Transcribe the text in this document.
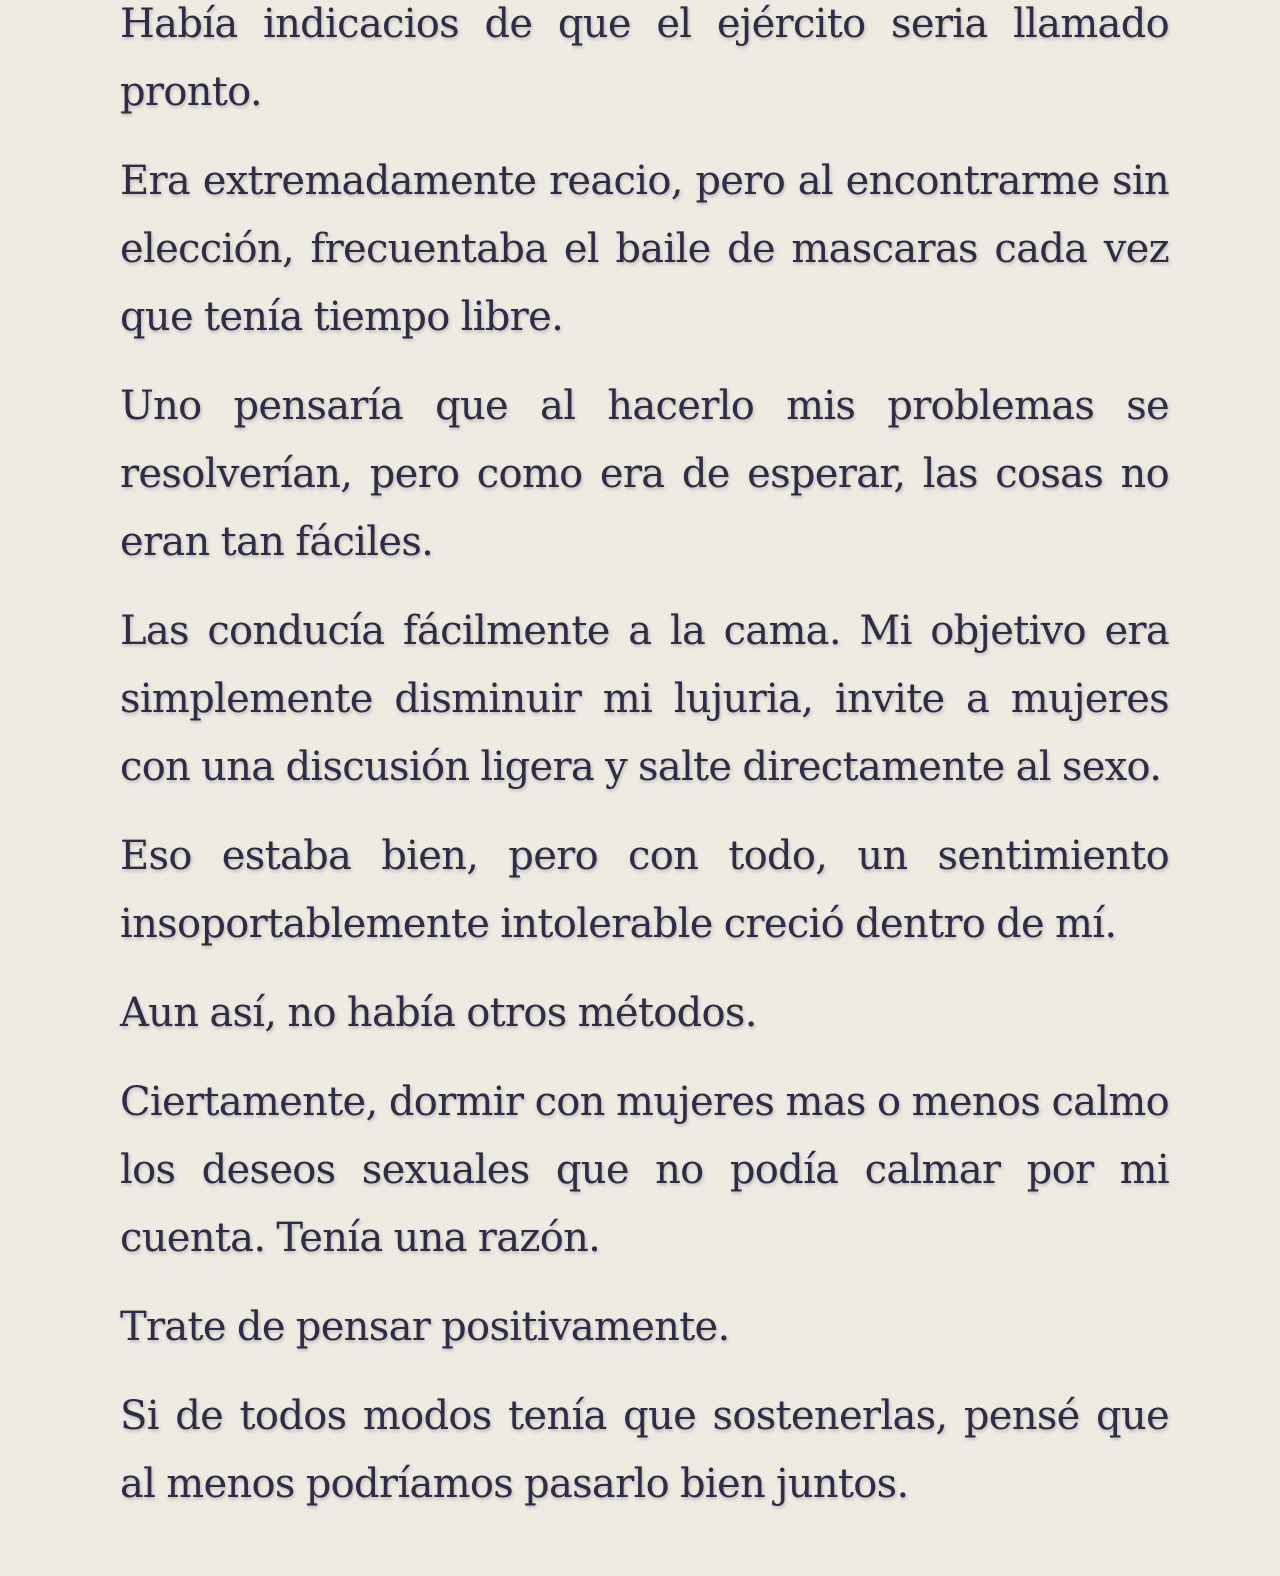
Había indicacios de que el ejército seria llamado pronto.

Era extremadamente reacio, pero al encontrarme sin elección, frecuentaba el baile de mascaras cada vez que tenía tiempo libre.

Uno pensaría que al hacerlo mis problemas se resolverían, pero como era de esperar, las cosas no eran tan fáciles.

Las conducía fácilmente a la cama. Mi objetivo era simplemente disminuir mi lujuria, invite a mujeres con una discusión ligera y salte directamente al sexo.

Eso estaba bien, pero con todo, un sentimiento insoportablemente intolerable creció dentro de mí.

Aun así, no había otros métodos.

Ciertamente, dormir con mujeres mas o menos calmo los deseos sexuales que no podía calmar por mi cuenta. Tenía una razón.

Trate de pensar positivamente.

Si de todos modos tenía que sostenerlas, pensé que al menos podríamos pasarlo bien juntos.
